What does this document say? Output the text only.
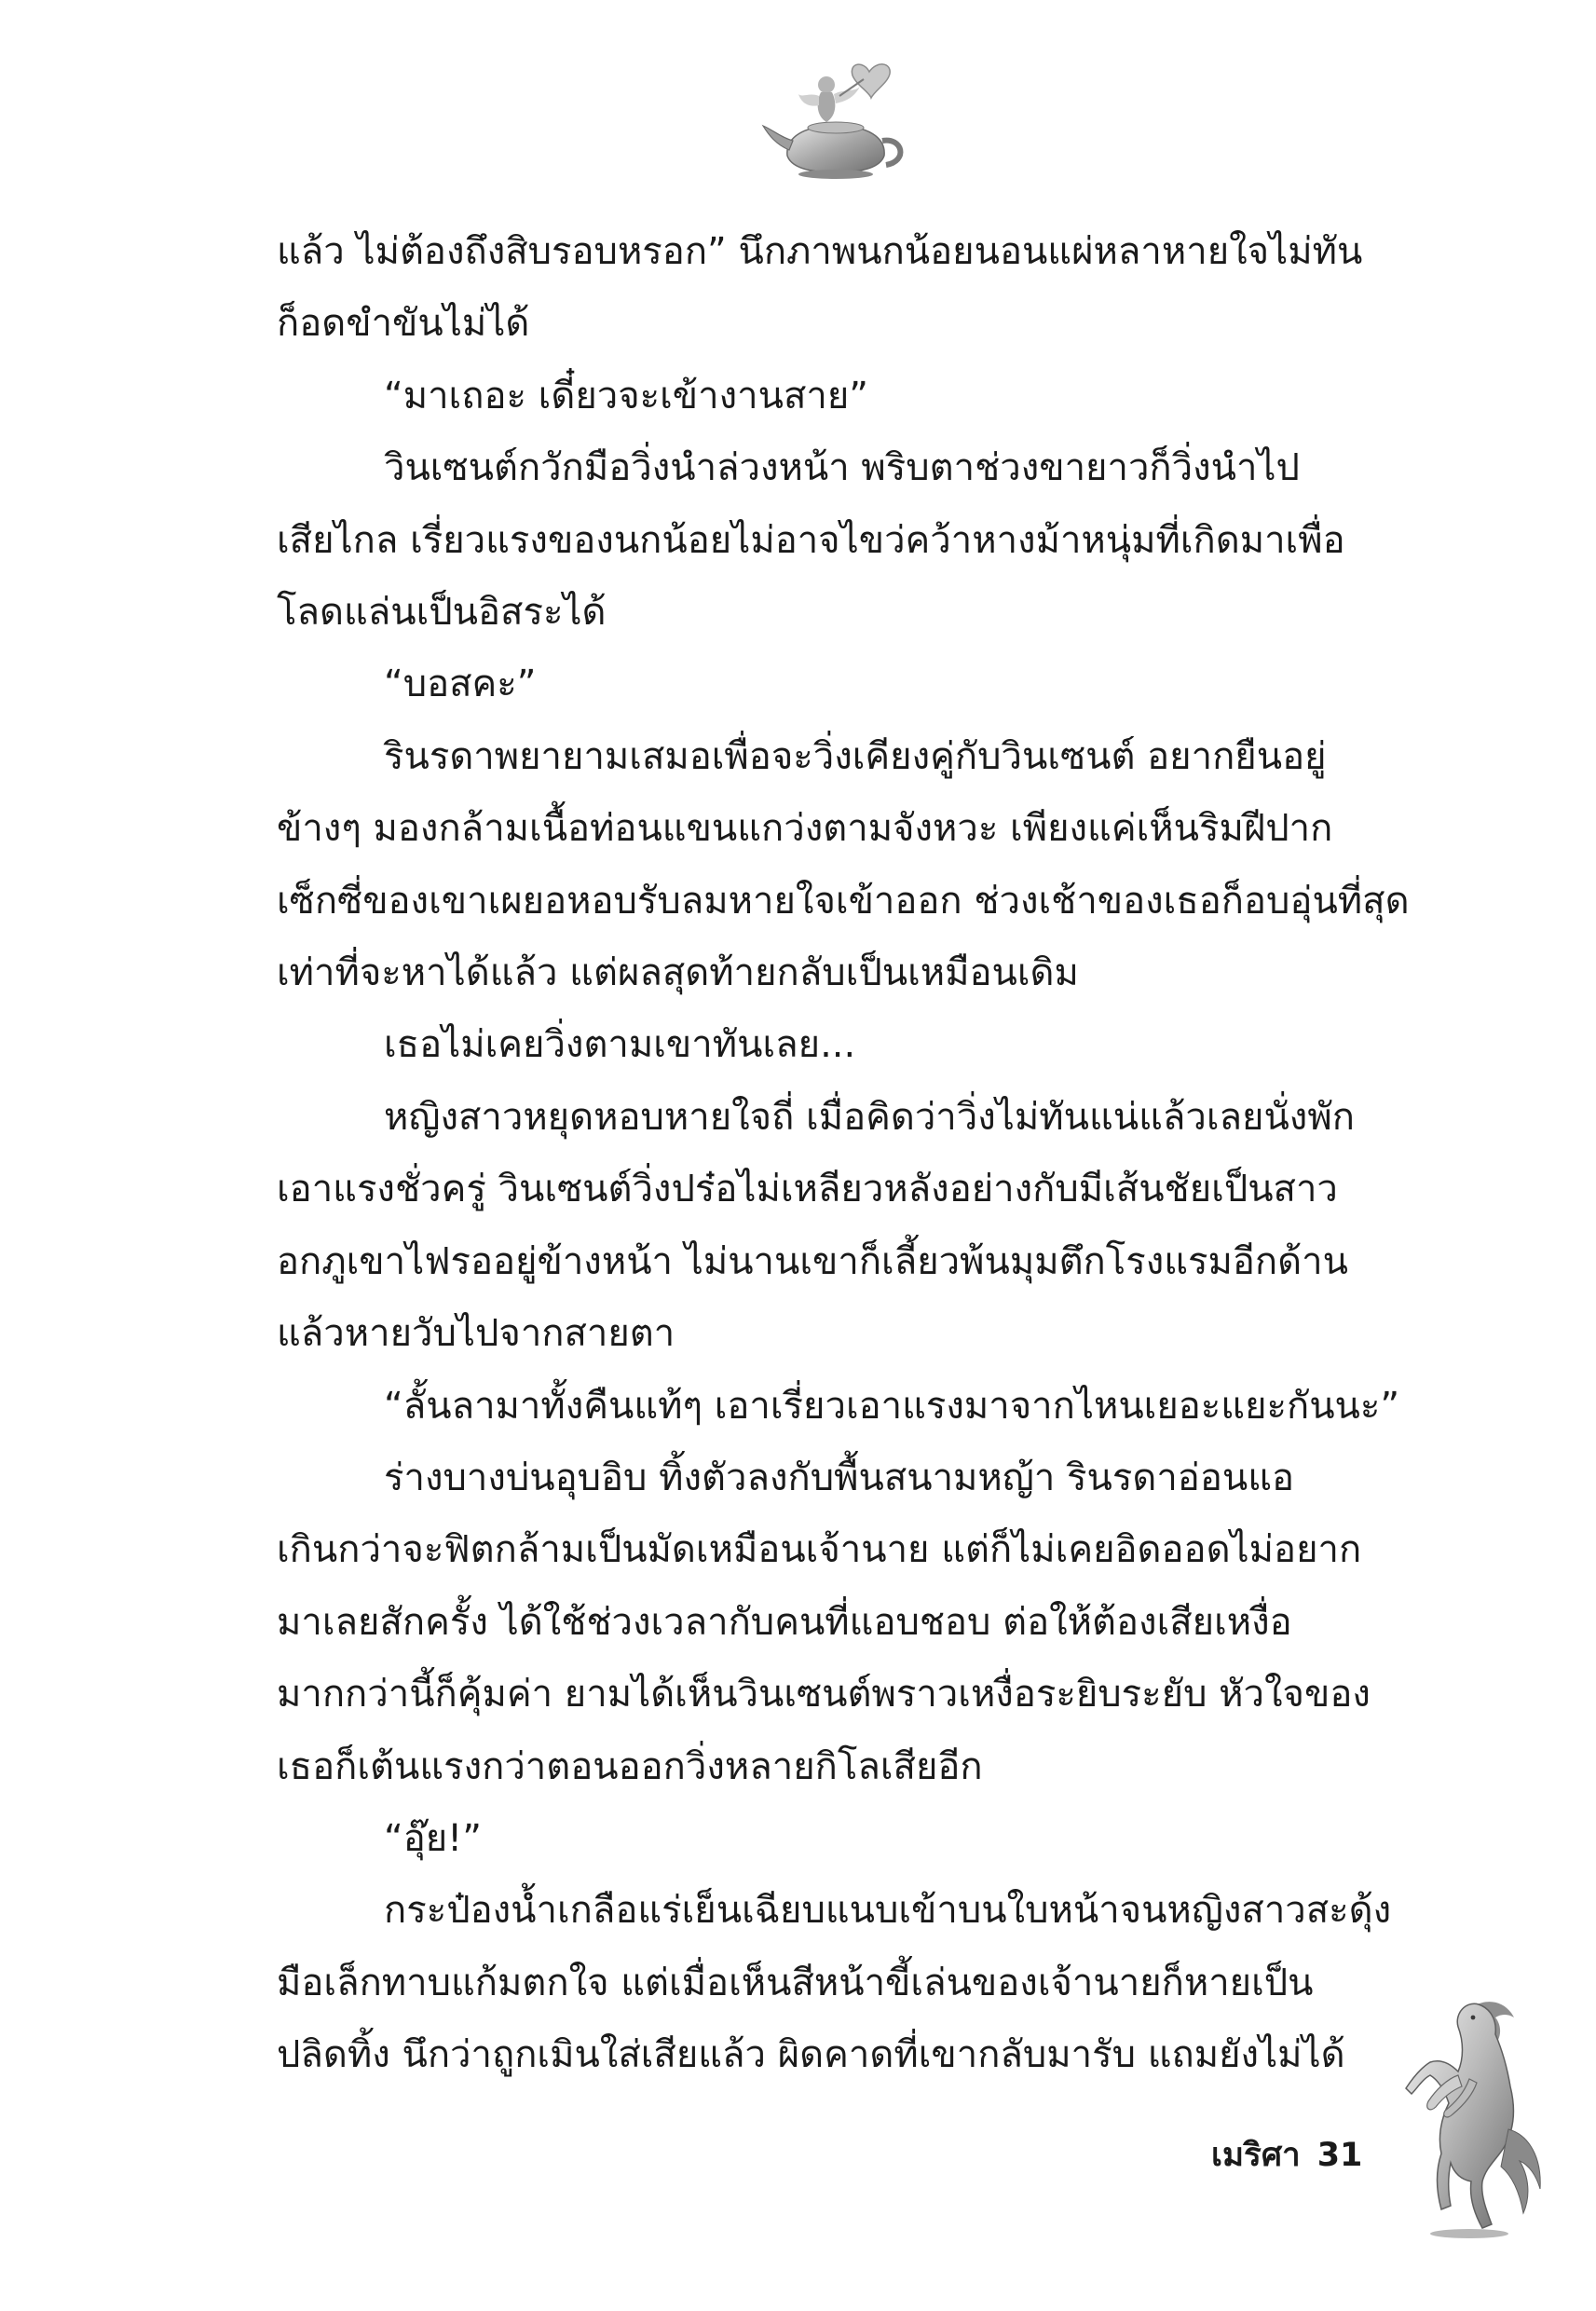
แล้ว ไม่ต้องถึงสิบรอบหรอก” นึกภาพนกน้อยนอนแผ่หลาหายใจไม่ทัน

ก็อดขำขันไม่ได้

“มาเถอะ เดี๋ยวจะเข้างานสาย”

วินเซนต์กวักมือวิ่งนำล่วงหน้า พริบตาช่วงขายาวก็วิ่งนำไป

เสียไกล เรี่ยวแรงของนกน้อยไม่อาจไขว่คว้าหางม้าหนุ่มที่เกิดมาเพื่อ

โลดแล่นเป็นอิสระได้

“บอสคะ”

รินรดาพยายามเสมอเพื่อจะวิ่งเคียงคู่กับวินเซนต์ อยากยืนอยู่

ข้างๆ มองกล้ามเนื้อท่อนแขนแกว่งตามจังหวะ เพียงแค่เห็นริมฝีปาก

เซ็กซี่ของเขาเผยอหอบรับลมหายใจเข้าออก ช่วงเช้าของเธอก็อบอุ่นที่สุด

เท่าที่จะหาได้แล้ว แต่ผลสุดท้ายกลับเป็นเหมือนเดิม

เธอไม่เคยวิ่งตามเขาทันเลย...

หญิงสาวหยุดหอบหายใจถี่ เมื่อคิดว่าวิ่งไม่ทันแน่แล้วเลยนั่งพัก

เอาแรงชั่วครู่ วินเซนต์วิ่งปร๋อไม่เหลียวหลังอย่างกับมีเส้นชัยเป็นสาว

อกภูเขาไฟรออยู่ข้างหน้า ไม่นานเขาก็เลี้ยวพ้นมุมตึกโรงแรมอีกด้าน

แล้วหายวับไปจากสายตา

“ลั้นลามาทั้งคืนแท้ๆ เอาเรี่ยวเอาแรงมาจากไหนเยอะแยะกันนะ”

ร่างบางบ่นอุบอิบ ทิ้งตัวลงกับพื้นสนามหญ้า รินรดาอ่อนแอ

เกินกว่าจะฟิตกล้ามเป็นมัดเหมือนเจ้านาย แต่ก็ไม่เคยอิดออดไม่อยาก

มาเลยสักครั้ง ได้ใช้ช่วงเวลากับคนที่แอบชอบ ต่อให้ต้องเสียเหงื่อ

มากกว่านี้ก็คุ้มค่า ยามได้เห็นวินเซนต์พราวเหงื่อระยิบระยับ หัวใจของ

เธอก็เต้นแรงกว่าตอนออกวิ่งหลายกิโลเสียอีก

“อุ๊ย!”

กระป๋องน้ำเกลือแร่เย็นเฉียบแนบเข้าบนใบหน้าจนหญิงสาวสะดุ้ง

มือเล็กทาบแก้มตกใจ แต่เมื่อเห็นสีหน้าขี้เล่นของเจ้านายก็หายเป็น

ปลิดทิ้ง นึกว่าถูกเมินใส่เสียแล้ว ผิดคาดที่เขากลับมารับ แถมยังไม่ได้

เมริศา 31
